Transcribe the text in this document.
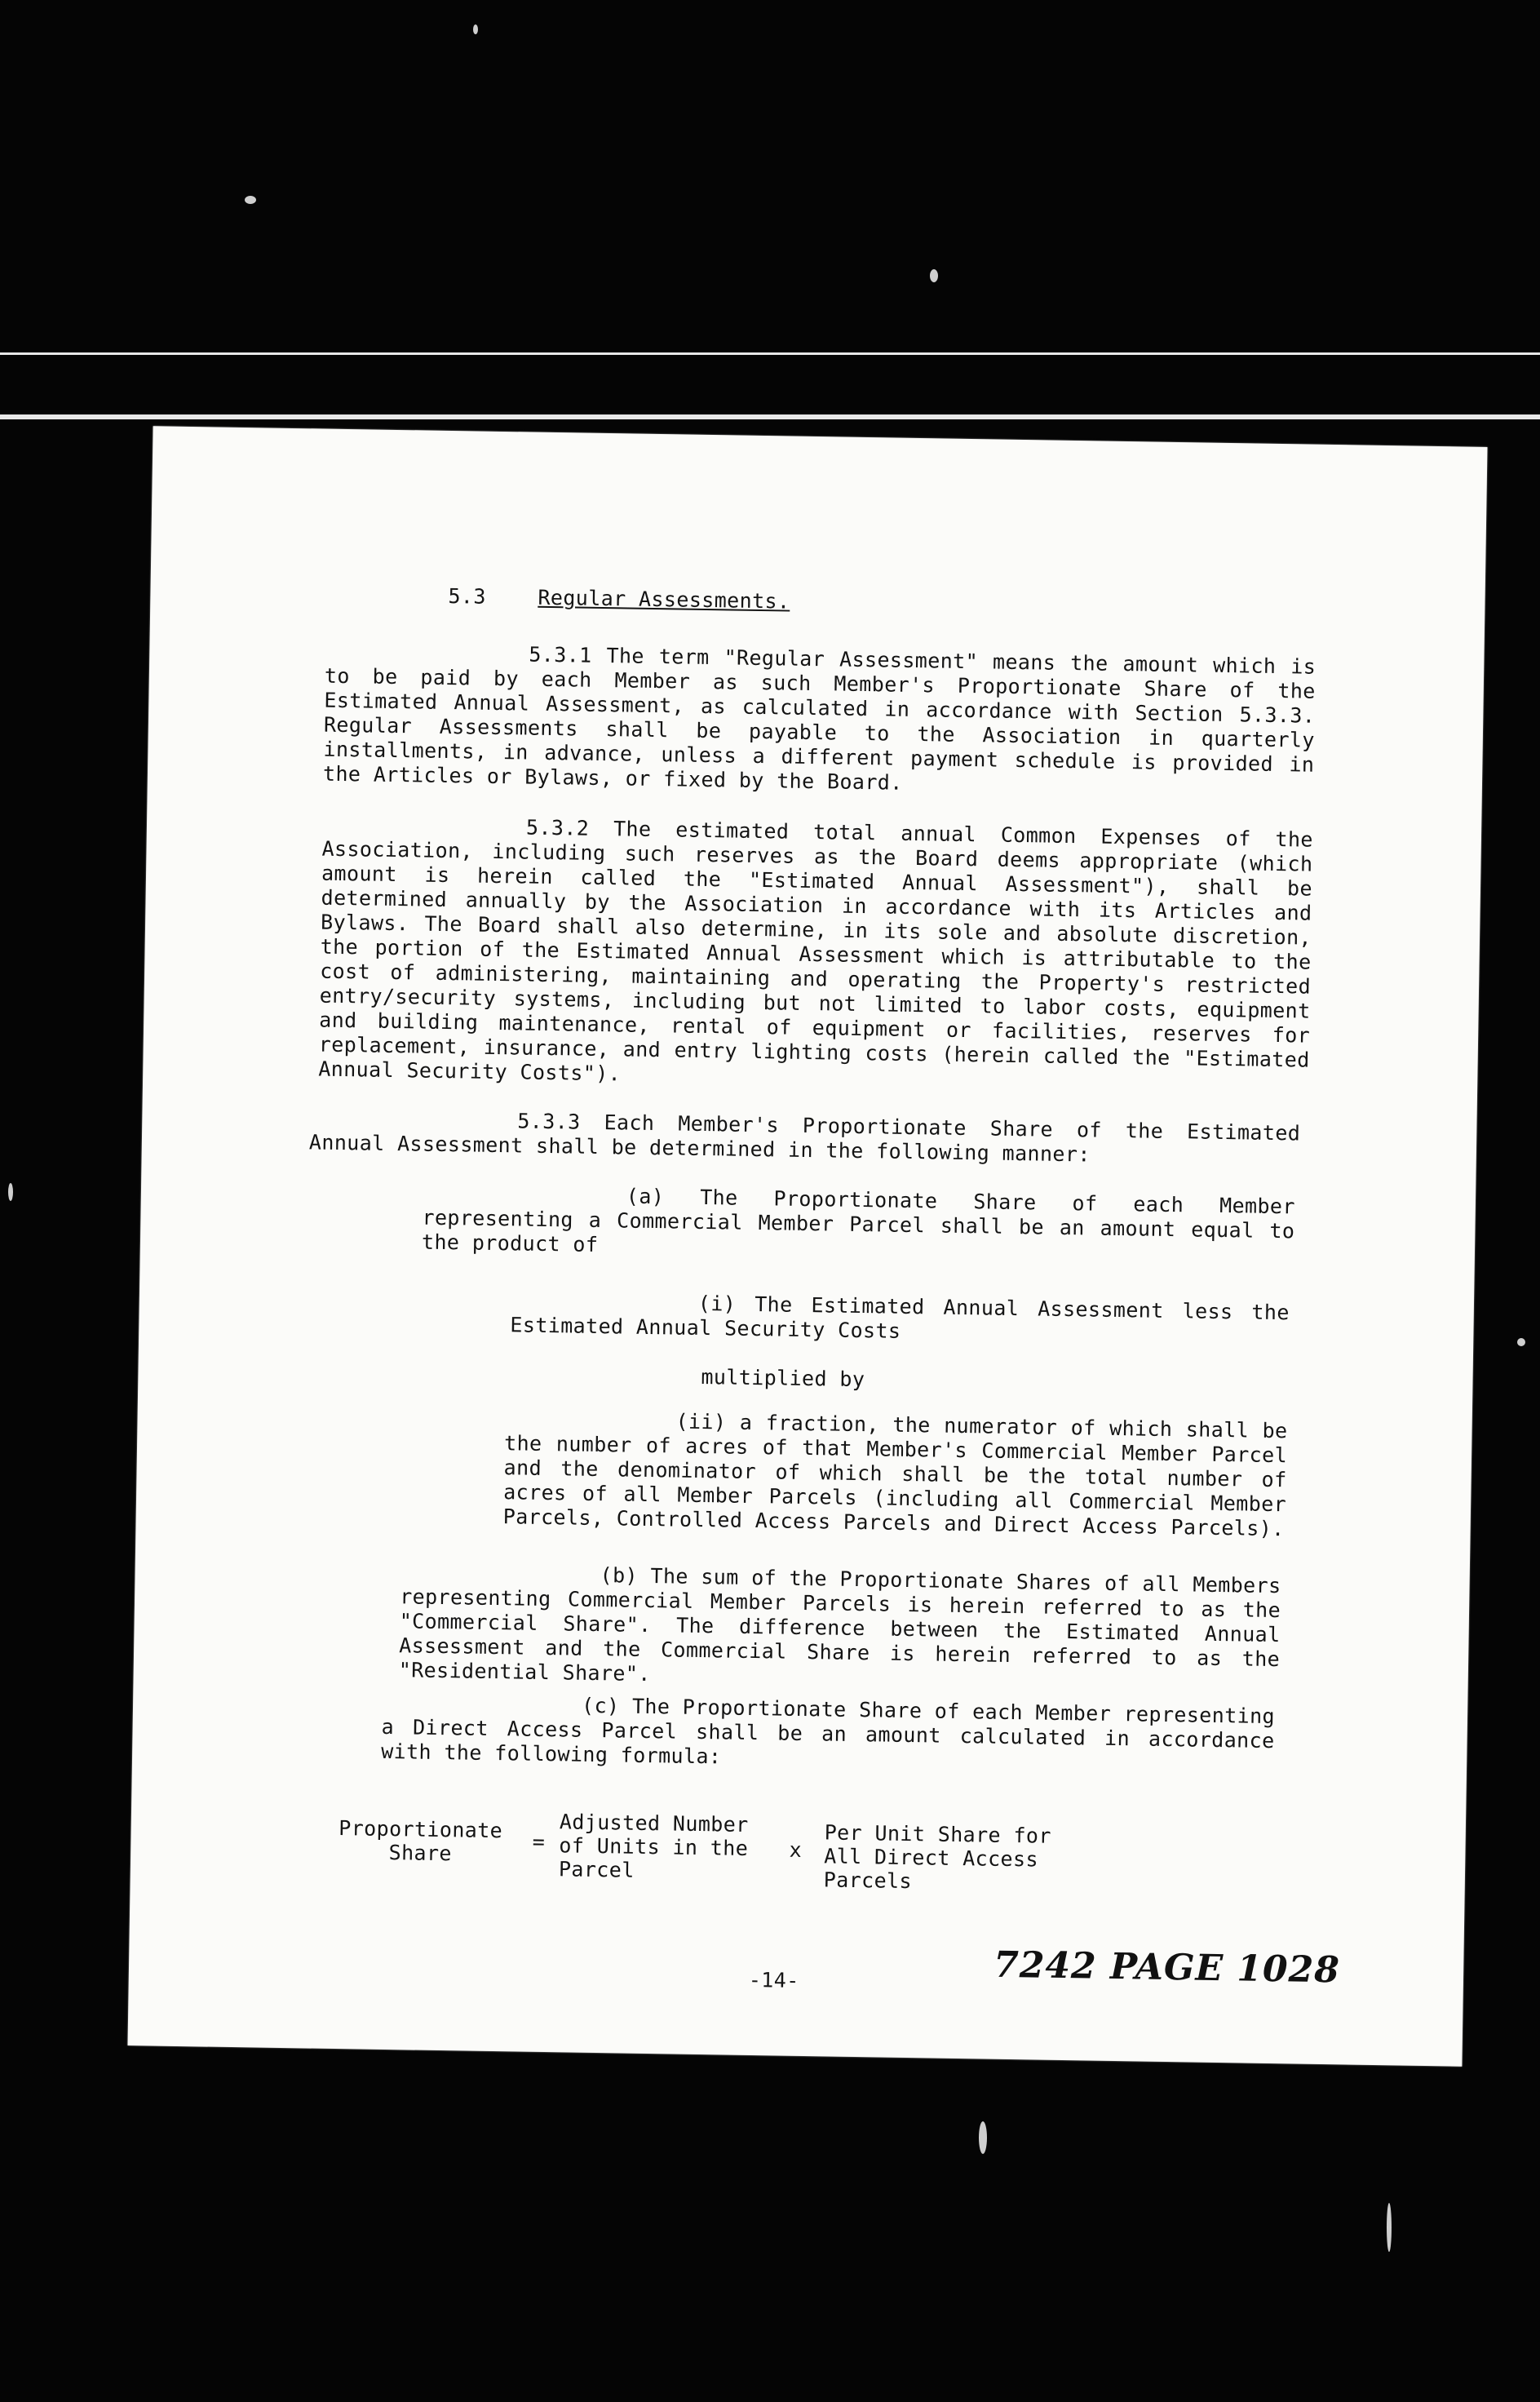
5.3	Regular Assessments.

5.3.1 The term "Regular Assessment" means the amount which is to be paid by each Member as such Member's Proportionate Share of the Estimated Annual Assessment, as calculated in accordance with Section 5.3.3. Regular Assessments shall be payable to the Association in quarterly installments, in advance, unless a different payment schedule is provided in the Articles or Bylaws, or fixed by the Board.

5.3.2 The estimated total annual Common Expenses of the Association, including such reserves as the Board deems appropriate (which amount is herein called the "Estimated Annual Assessment"), shall be determined annually by the Association in accordance with its Articles and Bylaws. The Board shall also determine, in its sole and absolute discretion, the portion of the Estimated Annual Assessment which is attributable to the cost of administering, maintaining and operating the Property's restricted entry/security systems, including but not limited to labor costs, equipment and building maintenance, rental of equipment or facilities, reserves for replacement, insurance, and entry lighting costs (herein called the "Estimated Annual Security Costs").

5.3.3 Each Member's Proportionate Share of the Estimated Annual Assessment shall be determined in the following manner:

(a) The Proportionate Share of each Member representing a Commercial Member Parcel shall be an amount equal to the product of

(i) The Estimated Annual Assessment less the Estimated Annual Security Costs

multiplied by

(ii) a fraction, the numerator of which shall be the number of acres of that Member's Commercial Member Parcel and the denominator of which shall be the total number of acres of all Member Parcels (including all Commercial Member Parcels, Controlled Access Parcels and Direct Access Parcels).

(b) The sum of the Proportionate Shares of all Members representing Commercial Member Parcels is herein referred to as the "Commercial Share". The difference between the Estimated Annual Assessment and the Commercial Share is herein referred to as the "Residential Share".

(c) The Proportionate Share of each Member representing a Direct Access Parcel shall be an amount calculated in accordance with the following formula:

Proportionate Share	=
Adjusted Number of Units in the Parcel
x
Per Unit Share for All Direct Access Parcels
-14-	7242 PAGE 1028
